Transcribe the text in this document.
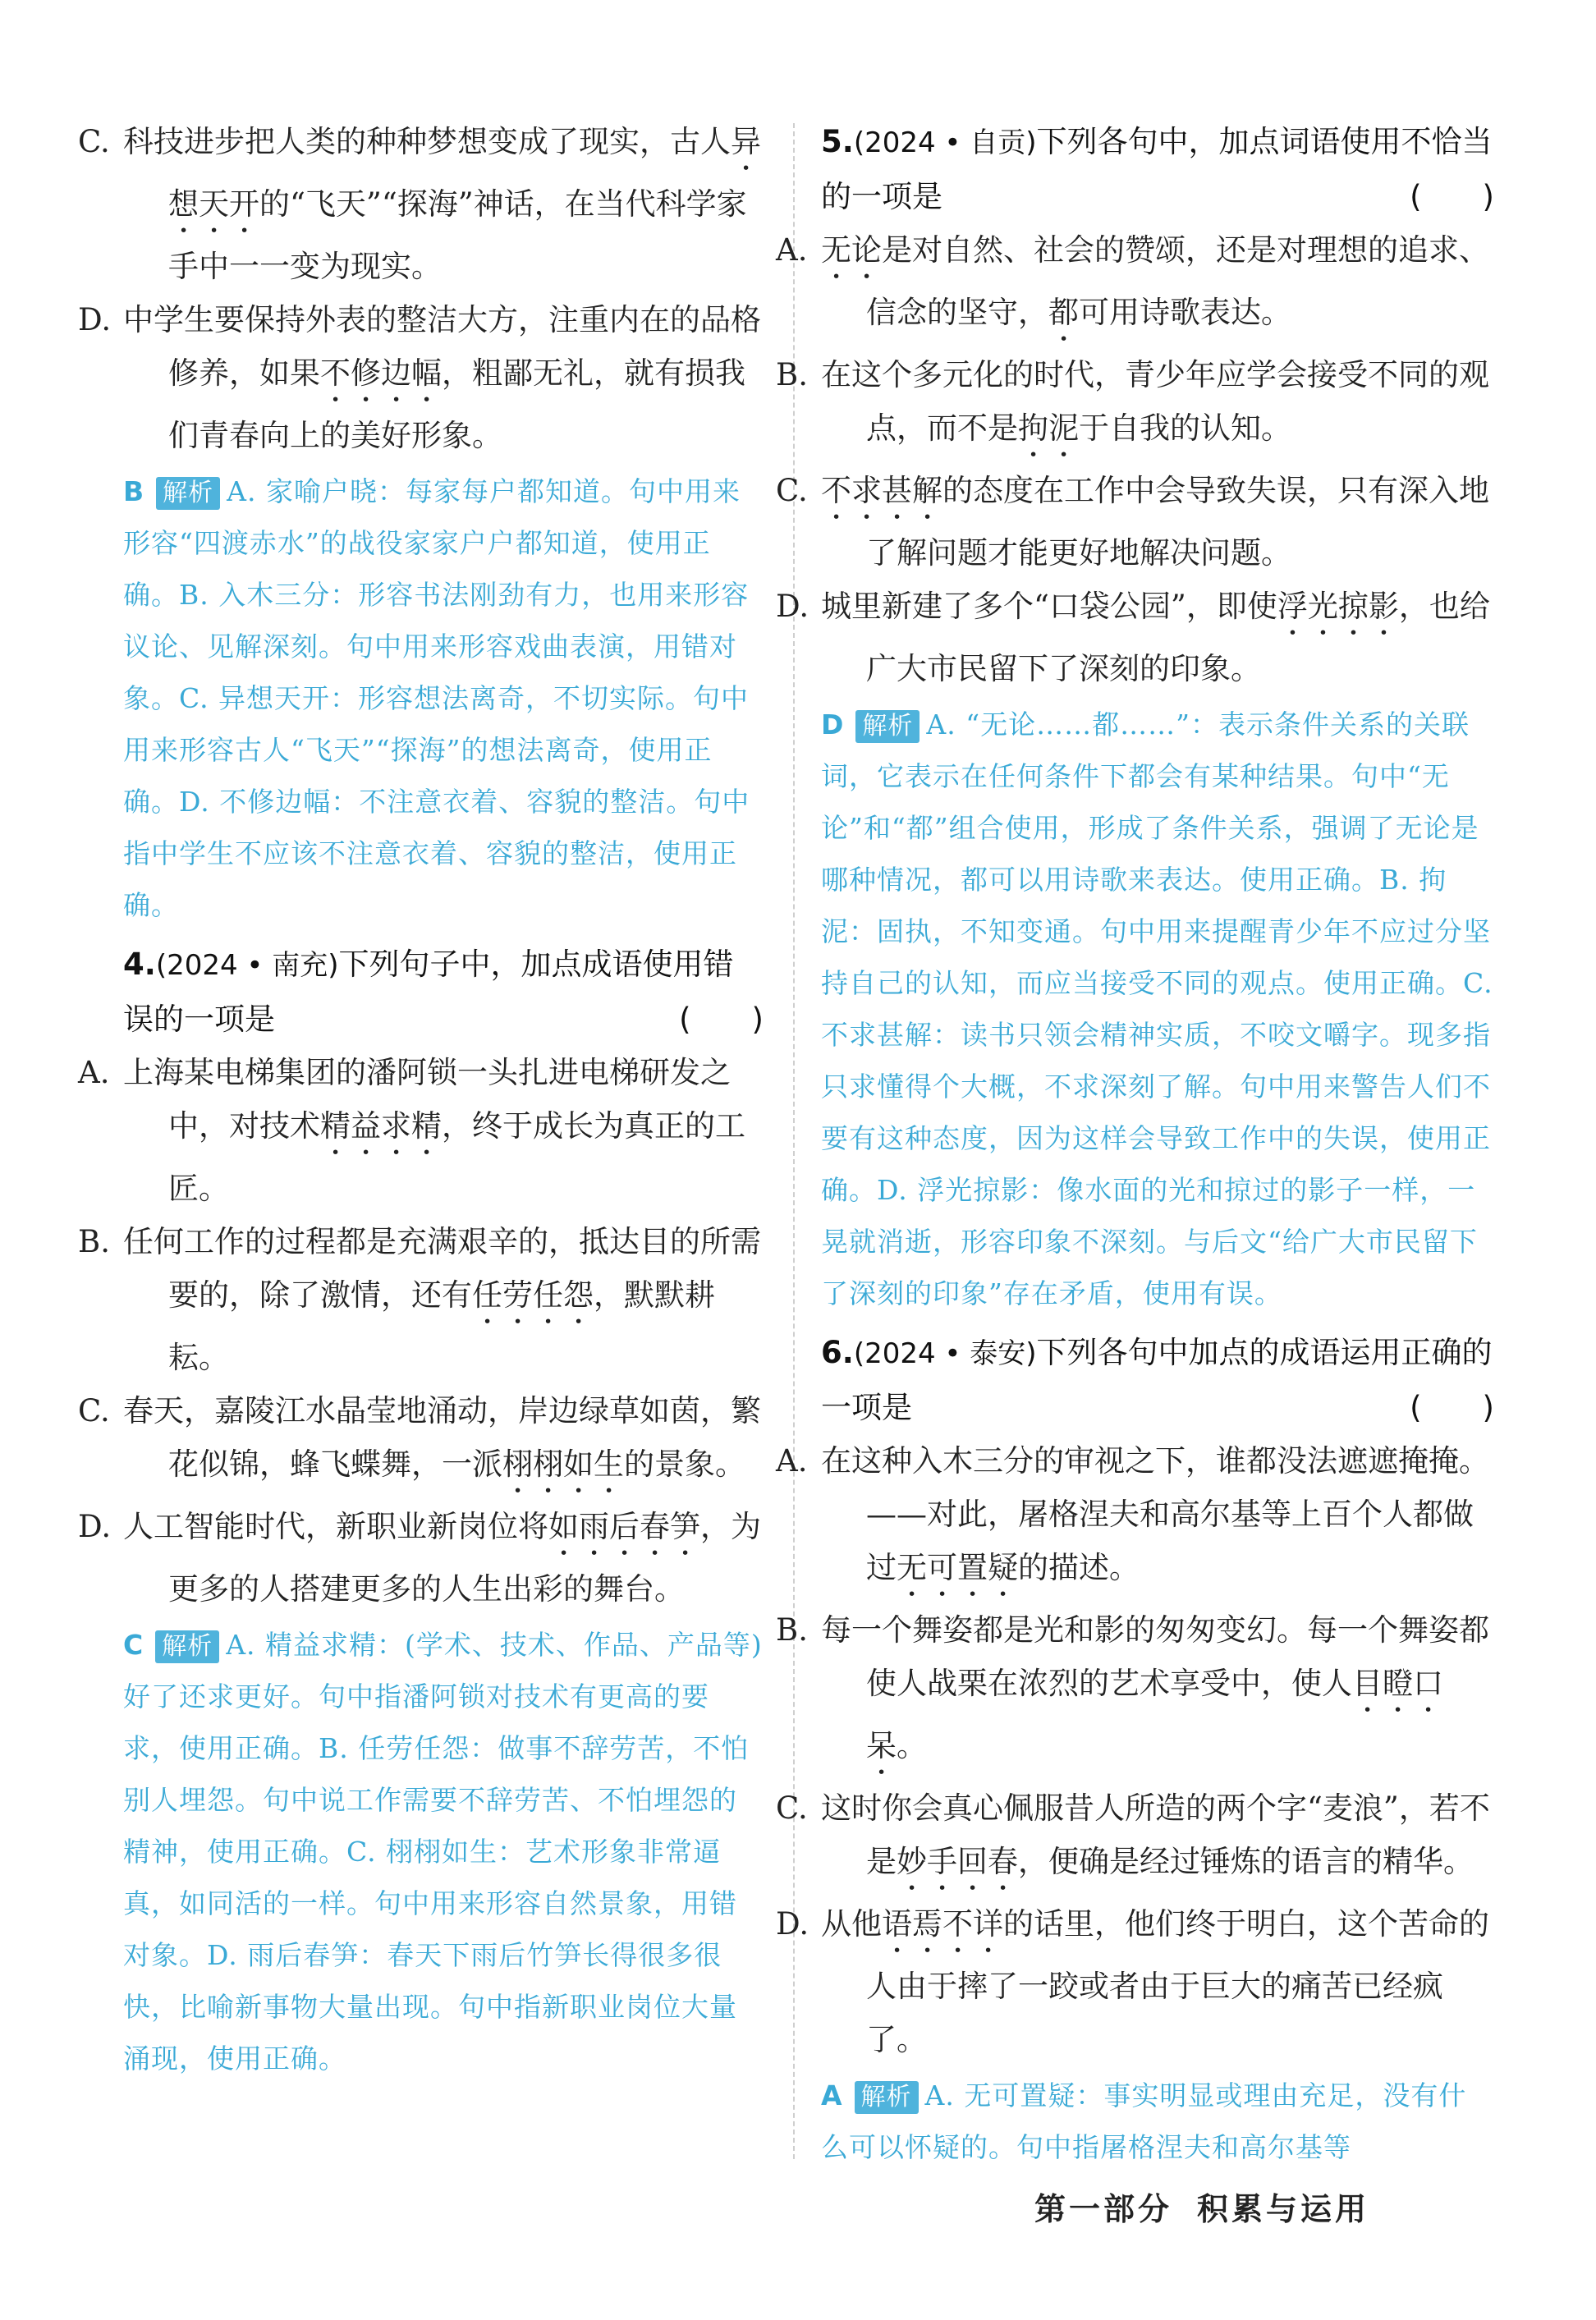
C. 科技进步把人类的种种梦想变成了现实，古人异想天开的“飞天”“探海”神话，在当代科学家手中一一变为现实。

D. 中学生要保持外表的整洁大方，注重内在的品格修养，如果不修边幅，粗鄙无礼，就有损我们青春向上的美好形象。

B 解析 A. 家喻户晓：每家每户都知道。句中用来形容“四渡赤水”的战役家家户户都知道，使用正确。B. 入木三分：形容书法刚劲有力，也用来形容议论、见解深刻。句中用来形容戏曲表演，用错对象。C. 异想天开：形容想法离奇，不切实际。句中用来形容古人“飞天”“探海”的想法离奇，使用正确。D. 不修边幅：不注意衣着、容貌的整洁。句中指中学生不应该不注意衣着、容貌的整洁，使用正确。

4.(2024 • 南充)下列句子中，加点成语使用错误的一项是	(　　)

A. 上海某电梯集团的潘阿锁一头扎进电梯研发之中，对技术精益求精，终于成长为真正的工匠。

B. 任何工作的过程都是充满艰辛的，抵达目的所需要的，除了激情，还有任劳任怨，默默耕耘。

C. 春天，嘉陵江水晶莹地涌动，岸边绿草如茵，繁花似锦，蜂飞蝶舞，一派栩栩如生的景象。

D. 人工智能时代，新职业新岗位将如雨后春笋，为更多的人搭建更多的人生出彩的舞台。

C 解析 A. 精益求精：(学术、技术、作品、产品等)好了还求更好。句中指潘阿锁对技术有更高的要求，使用正确。B. 任劳任怨：做事不辞劳苦，不怕别人埋怨。句中说工作需要不辞劳苦、不怕埋怨的精神，使用正确。C. 栩栩如生：艺术形象非常逼真，如同活的一样。句中用来形容自然景象，用错对象。D. 雨后春笋：春天下雨后竹笋长得很多很快，比喻新事物大量出现。句中指新职业岗位大量涌现，使用正确。

5.(2024 • 自贡)下列各句中，加点词语使用不恰当的一项是	(　　)

A. 无论是对自然、社会的赞颂，还是对理想的追求、信念的坚守，都可用诗歌表达。

B. 在这个多元化的时代，青少年应学会接受不同的观点，而不是拘泥于自我的认知。

C. 不求甚解的态度在工作中会导致失误，只有深入地了解问题才能更好地解决问题。

D. 城里新建了多个“口袋公园”，即使浮光掠影，也给广大市民留下了深刻的印象。

D 解析 A. “无论……都……”：表示条件关系的关联词，它表示在任何条件下都会有某种结果。句中“无论”和“都”组合使用，形成了条件关系，强调了无论是哪种情况，都可以用诗歌来表达。使用正确。B. 拘泥：固执，不知变通。句中用来提醒青少年不应过分坚持自己的认知，而应当接受不同的观点。使用正确。C. 不求甚解：读书只领会精神实质，不咬文嚼字。现多指只求懂得个大概，不求深刻了解。句中用来警告人们不要有这种态度，因为这样会导致工作中的失误，使用正确。D. 浮光掠影：像水面的光和掠过的影子一样，一晃就消逝，形容印象不深刻。与后文“给广大市民留下了深刻的印象”存在矛盾，使用有误。

6.(2024 • 泰安)下列各句中加点的成语运用正确的一项是	(　　)

A. 在这种入木三分的审视之下，谁都没法遮遮掩掩。——对此，屠格涅夫和高尔基等上百个人都做过无可置疑的描述。

B. 每一个舞姿都是光和影的匆匆变幻。每一个舞姿都使人战栗在浓烈的艺术享受中，使人目瞪口呆。

C. 这时你会真心佩服昔人所造的两个字“麦浪”，若不是妙手回春，便确是经过锤炼的语言的精华。

D. 从他语焉不详的话里，他们终于明白，这个苦命的人由于摔了一跤或者由于巨大的痛苦已经疯了。

A 解析 A. 无可置疑：事实明显或理由充足，没有什么可以怀疑的。句中指屠格涅夫和高尔基等

第一部分 积累与运用
